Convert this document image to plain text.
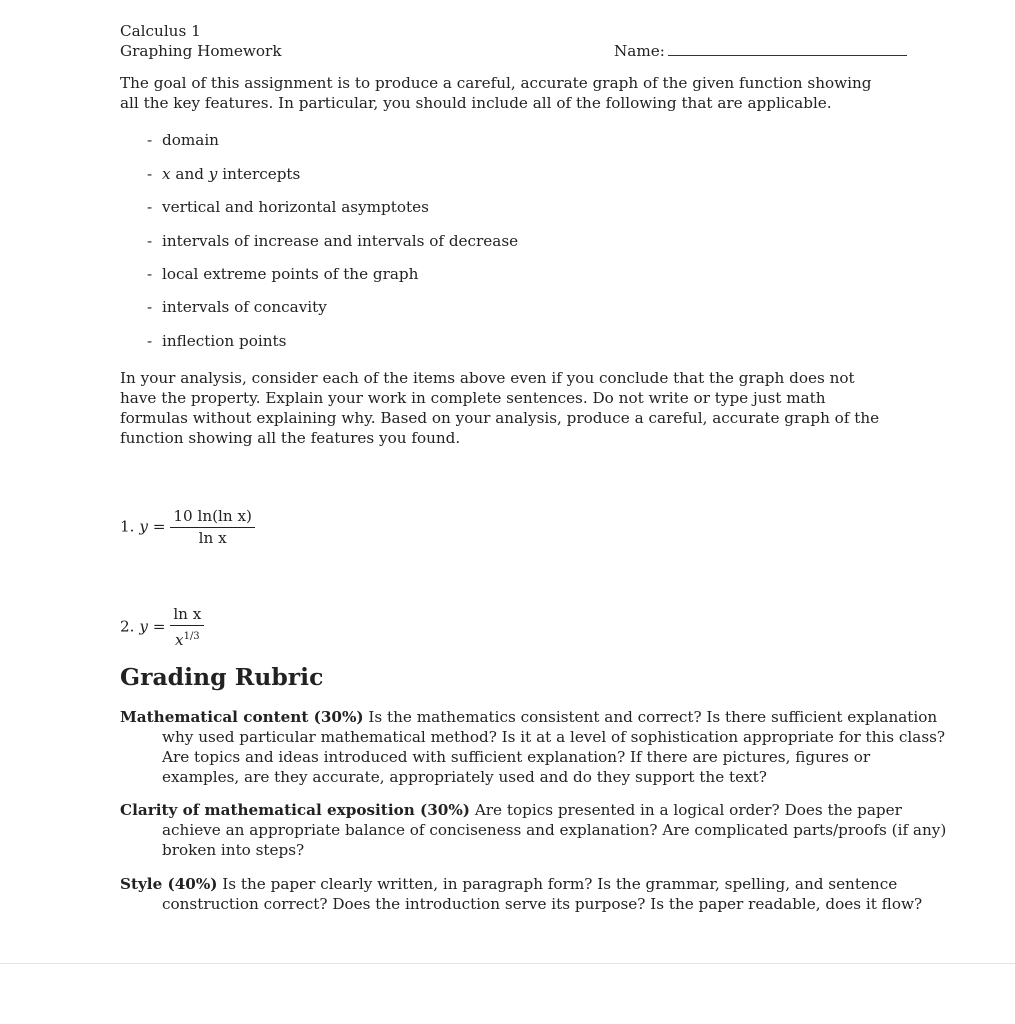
Calculus 1
Graphing Homework	Name:
The goal of this assignment is to produce a careful, accurate graph of the given function showing all the key features. In particular, you should include all of the following that are applicable.
- domain
- x and y intercepts
- vertical and horizontal asymptotes
- intervals of increase and intervals of decrease
- local extreme points of the graph
- intervals of concavity
- inflection points
In your analysis, consider each of the items above even if you conclude that the graph does not have the property. Explain your work in complete sentences. Do not write or type just math formulas without explaining why. Based on your analysis, produce a careful, accurate graph of the function showing all the features you found.
1. $y = \frac{\text{10 ln(ln x)}}{\text{ln x}}$
2. $y = \frac{\text{ln x}}{x^{1/3}}$
Grading Rubric
Mathematical content (30%) Is the mathematics consistent and correct? Is there sufficient explanation why used particular mathematical method? Is it at a level of sophistication appropriate for this class? Are topics and ideas introduced with sufficient explanation? If there are pictures, figures or examples, are they accurate, appropriately used and do they support the text?
Clarity of mathematical exposition (30%) Are topics presented in a logical order? Does the paper achieve an appropriate balance of conciseness and explanation? Are complicated parts/proofs (if any) broken into steps?
Style (40%) Is the paper clearly written, in paragraph form? Is the grammar, spelling, and sentence construction correct? Does the introduction serve its purpose? Is the paper readable, does it flow?
